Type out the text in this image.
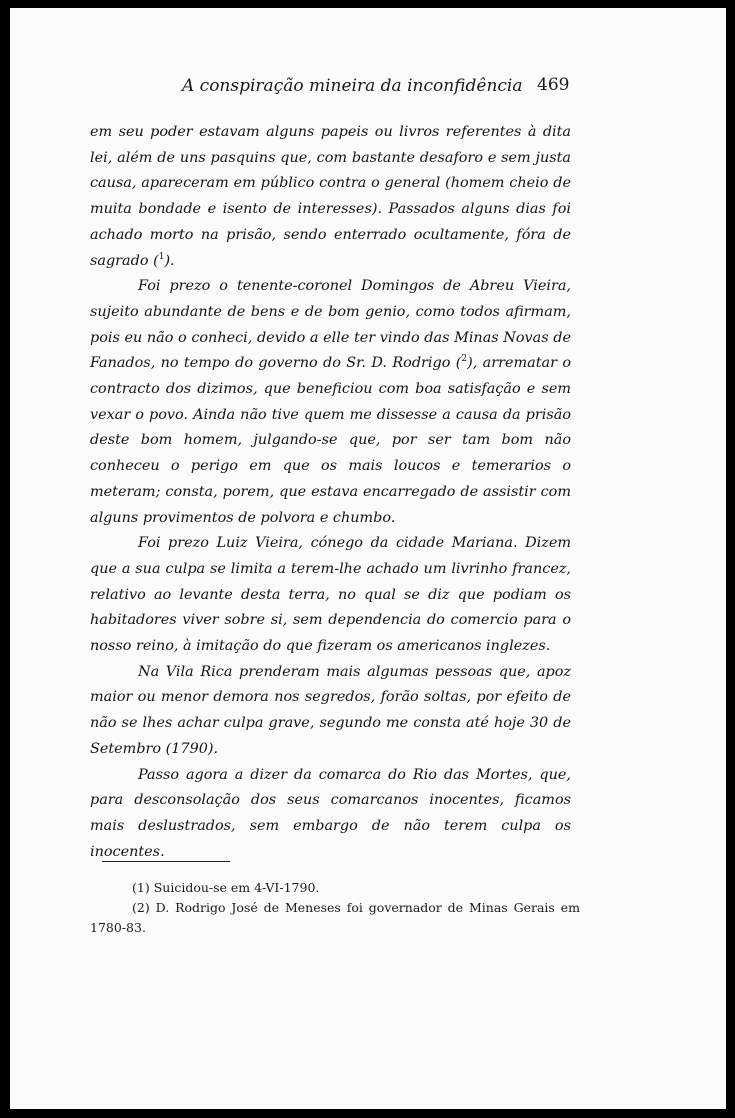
A conspiração mineira da inconfidência 469

em seu poder estavam alguns papeis ou livros referentes à dita lei, além de uns pasquins que, com bastante desaforo e sem justa causa, apareceram em público contra o general (homem cheio de muita bondade e isento de interesses). Passados alguns dias foi achado morto na prisão, sendo enterrado ocultamente, fóra de sagrado ($^1$).

Foi prezo o tenente-coronel Domingos de Abreu Vieira, sujeito abundante de bens e de bom genio, como todos afirmam, pois eu não o conheci, devido a elle ter vindo das Minas Novas de Fanados, no tempo do governo do Sr. D. Rodrigo ($^2$), arrematar o contracto dos dizimos, que beneficiou com boa satisfação e sem vexar o povo. Ainda não tive quem me dissesse a causa da prisão deste bom homem, julgando-se que, por ser tam bom não conheceu o perigo em que os mais loucos e temerarios o meteram; consta, porem, que estava encarregado de assistir com alguns provimentos de polvora e chumbo.

Foi prezo Luiz Vieira, cónego da cidade Mariana. Dizem que a sua culpa se limita a terem-lhe achado um livrinho francez, relativo ao levante desta terra, no qual se diz que podiam os habitadores viver sobre si, sem dependencia do comercio para o nosso reino, à imitação do que fizeram os americanos inglezes.

Na Vila Rica prenderam mais algumas pessoas que, apoz maior ou menor demora nos segredos, forão soltas, por efeito de não se lhes achar culpa grave, segundo me consta até hoje 30 de Setembro (1790).

Passo agora a dizer da comarca do Rio das Mortes, que, para desconsolação dos seus comarcanos inocentes, ficamos mais deslustrados, sem embargo de não terem culpa os inocentes.

(1) Suicidou-se em 4-VI-1790.

(2) D. Rodrigo José de Meneses foi governador de Minas Gerais em 1780-83.
